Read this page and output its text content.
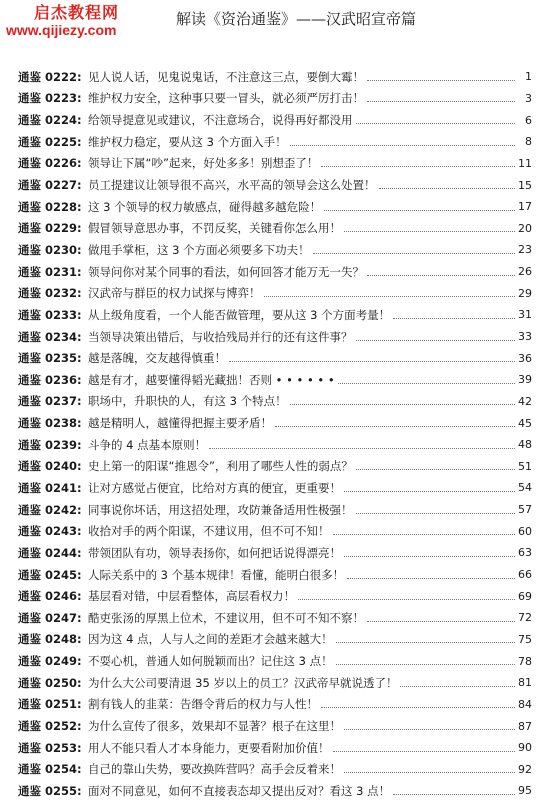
启杰教程网
www.qijiezy.com
解读《资治通鉴》——汉武昭宣帝篇
通鉴 0222: 见人说人话，见鬼说鬼话，不注意这三点，要倒大霉！	1
通鉴 0223: 维护权力安全，这种事只要一冒头，就必须严厉打击！	3
通鉴 0224: 给领导提意见或建议，不注意场合，说得再好都没用	6
通鉴 0225: 维护权力稳定，要从这 3 个方面入手！	8
通鉴 0226: 领导让下属“吵”起来，好处多多！别想歪了！	11
通鉴 0227: 员工提建议让领导很不高兴，水平高的领导会这么处置！	15
通鉴 0228: 这 3 个领导的权力敏感点，碰得越多越危险！	17
通鉴 0229: 假冒领导意思办事，不罚反奖，关键看你怎么用！	20
通鉴 0230: 做甩手掌柜，这 3 个方面必须要多下功夫！	23
通鉴 0231: 领导问你对某个同事的看法，如何回答才能万无一失？	26
通鉴 0232: 汉武帝与群臣的权力试探与博弈！	29
通鉴 0233: 从上级角度看，一个人能否做管理，要从这 3 个方面考量！	31
通鉴 0234: 当领导决策出错后，与收拾残局并行的还有这件事？	33
通鉴 0235: 越是落魄，交友越得慎重！	36
通鉴 0236: 越是有才，越要懂得韬光藏拙！否则 • • • • • •	39
通鉴 0237: 职场中，升职快的人，有这 3 个特点！	42
通鉴 0238: 越是精明人，越懂得把握主要矛盾！	45
通鉴 0239: 斗争的 4 点基本原则！	48
通鉴 0240: 史上第一的阳谋“推恩令”，利用了哪些人性的弱点？	51
通鉴 0241: 让对方感觉占便宜，比给对方真的便宜，更重要！	54
通鉴 0242: 同事说你坏话，用这招处理，攻防兼备适用性极强！	57
通鉴 0243: 收拾对手的两个阳谋，不建议用，但不可不知！	60
通鉴 0244: 带领团队有功，领导表扬你，如何把话说得漂亮！	63
通鉴 0245: 人际关系中的 3 个基本规律！看懂，能明白很多！	66
通鉴 0246: 基层看对错，中层看整体，高层看权力！	69
通鉴 0247: 酷吏张汤的厚黑上位术，不建议用，但不可不知不察！	72
通鉴 0248: 因为这 4 点，人与人之间的差距才会越来越大！	75
通鉴 0249: 不耍心机，普通人如何脱颖而出？记住这 3 点！	78
通鉴 0250: 为什么大公司要清退 35 岁以上的员工？汉武帝早就说透了！	81
通鉴 0251: 割有钱人的韭菜：告缗令背后的权力与人性！	84
通鉴 0252: 为什么宣传了很多，效果却不显著？根子在这里！	87
通鉴 0253: 用人不能只看人才本身能力，更要看附加价值！	90
通鉴 0254: 自己的靠山失势，要改换阵营吗？高手会反着来！	92
通鉴 0255: 面对不同意见，如何不直接表态却又提出反对？看这 3 点！	95
